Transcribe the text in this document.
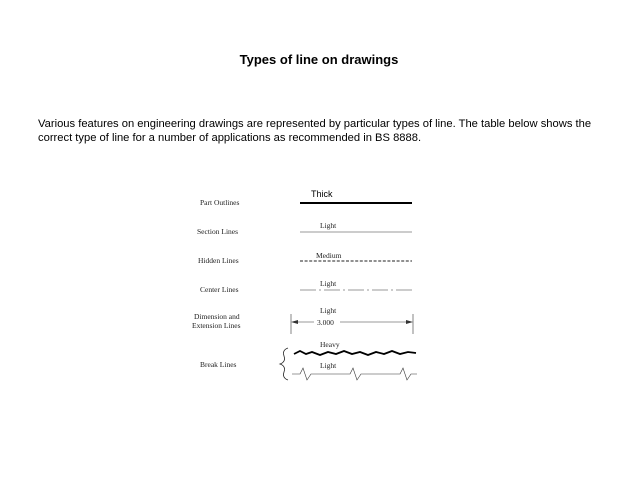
Types of line on drawings
Various features on engineering drawings are represented by particular types of line. The table below shows the correct type of line for a number of applications as recommended in BS 8888.
Part Outlines
Thick
Section Lines
Light
Hidden Lines
Medium
Center Lines
Light
Dimension and
Extension Lines
Light
3.000
Break Lines
Heavy
Light
